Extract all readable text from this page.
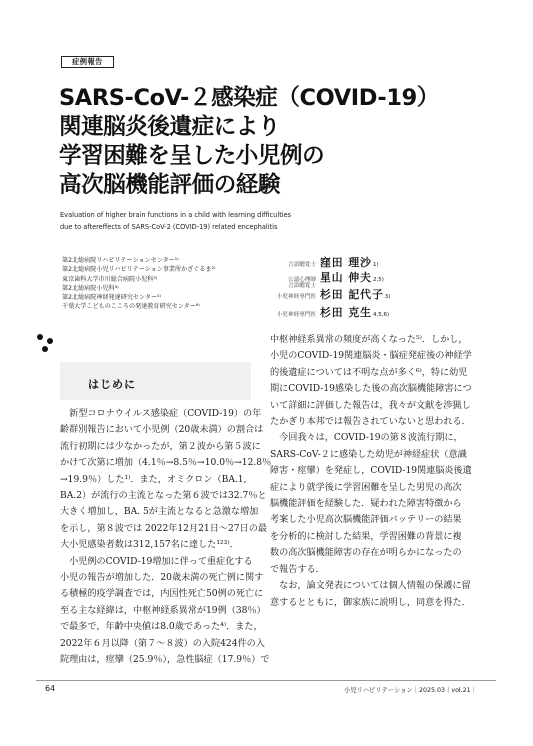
症例報告
SARS-CoV-２感染症（COVID-19）
関連脳炎後遺症により
学習困難を呈した小児例の
高次脳機能評価の経験
Evaluation of higher brain functions in a child with learning difficulties
due to aftereffects of SARS-CoV-2 (COVID-19) related encephalitis
第2北総病院リハビリテーションセンター¹⁾
第2北総病院小児リハビリテーション事業所かざぐるま²⁾
東京歯科大学市川総合病院小児科³⁾
第2北総病院小児科⁴⁾
第2北総病院神経発達研究センター⁵⁾
千葉大学こどものこころの発達教育研究センター⁶⁾
言語聴覚士 窪田 理沙 1)
公認心理師
言語聴覚士
星山 伸夫 2,5)
小児神経専門医 杉田 記代子 3)
小児神経専門医 杉田 克生 4,5,6)
はじめに
　新型コロナウイルス感染症（COVID-19）の年
齢群別報告において小児例（20歳未満）の割合は
流行初期には少なかったが，第２波から第５波に
かけて次第に増加（4.1％→8.5％→10.0％→12.8％
→19.9％）した¹⁾．また，オミクロン（BA.1,
BA.2）が流行の主流となった第６波では32.7％と
大きく増加し，BA. 5が主流となると急激な増加
を示し，第８波では 2022年12月21日～27日の最
大小児感染者数は312,157名に達した¹²³⁾．
　小児例のCOVID-19増加に伴って重症化する
小児の報告が増加した．20歳未満の死亡例に関す
る積極的疫学調査では，内因性死亡50例の死亡に
至る主な経緯は，中枢神経系異常が19例（38％）
で最多で，年齢中央値は8.0歳であった⁴⁾．また，
2022年６月以降（第７～８波）の入院424件の入
院理由は，痙攣（25.9％），急性脳症（17.9％）で
中枢神経系異常の頻度が高くなった⁵⁾．しかし，
小児のCOVID-19関連脳炎・脳症発症後の神経学
的後遺症については不明な点が多く⁶⁾，特に幼児
期にCOVID-19感染した後の高次脳機能障害につ
いて詳細に評価した報告は，我々が文献を渉猟し
たかぎり本邦では報告されていないと思われる．
　今回我々は，COVID-19の第８波流行期に，
SARS-CoV-２に感染した幼児が神経症状（意識
障害・痙攣）を発症し，COVID-19関連脳炎後遺
症により就学後に学習困難を呈した男児の高次
脳機能評価を経験した．疑われた障害特徴から
考案した小児高次脳機能評価バッテリーの結果
を分析的に検討した結果，学習困難の背景に複
数の高次脳機能障害の存在が明らかになったの
で報告する．
　なお，論文発表については個人情報の保護に留
意するとともに，御家族に説明し，同意を得た．
64	小児リハビリテーション｜2025.03｜vol.21｜
